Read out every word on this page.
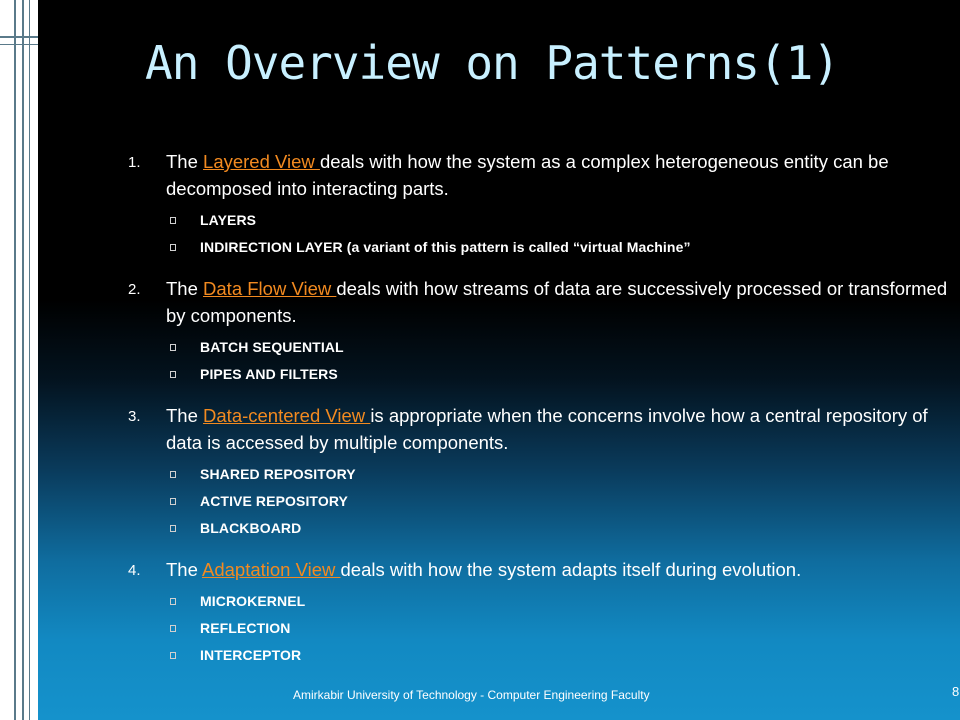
An Overview on Patterns(1)
1. The Layered View deals with how the system as a complex heterogeneous entity can be decomposed into interacting parts.
LAYERS
INDIRECTION LAYER (a variant of this pattern is called “virtual Machine”
2. The Data Flow View deals with how streams of data are successively processed or transformed by components.
BATCH SEQUENTIAL
PIPES AND FILTERS
3. The Data-centered View is appropriate when the concerns involve how a central repository of data is accessed by multiple components.
SHARED REPOSITORY
ACTIVE REPOSITORY
BLACKBOARD
4. The Adaptation View deals with how the system adapts itself during evolution.
MICROKERNEL
REFLECTION
INTERCEPTOR
Amirkabir University of Technology - Computer Engineering Faculty	8
